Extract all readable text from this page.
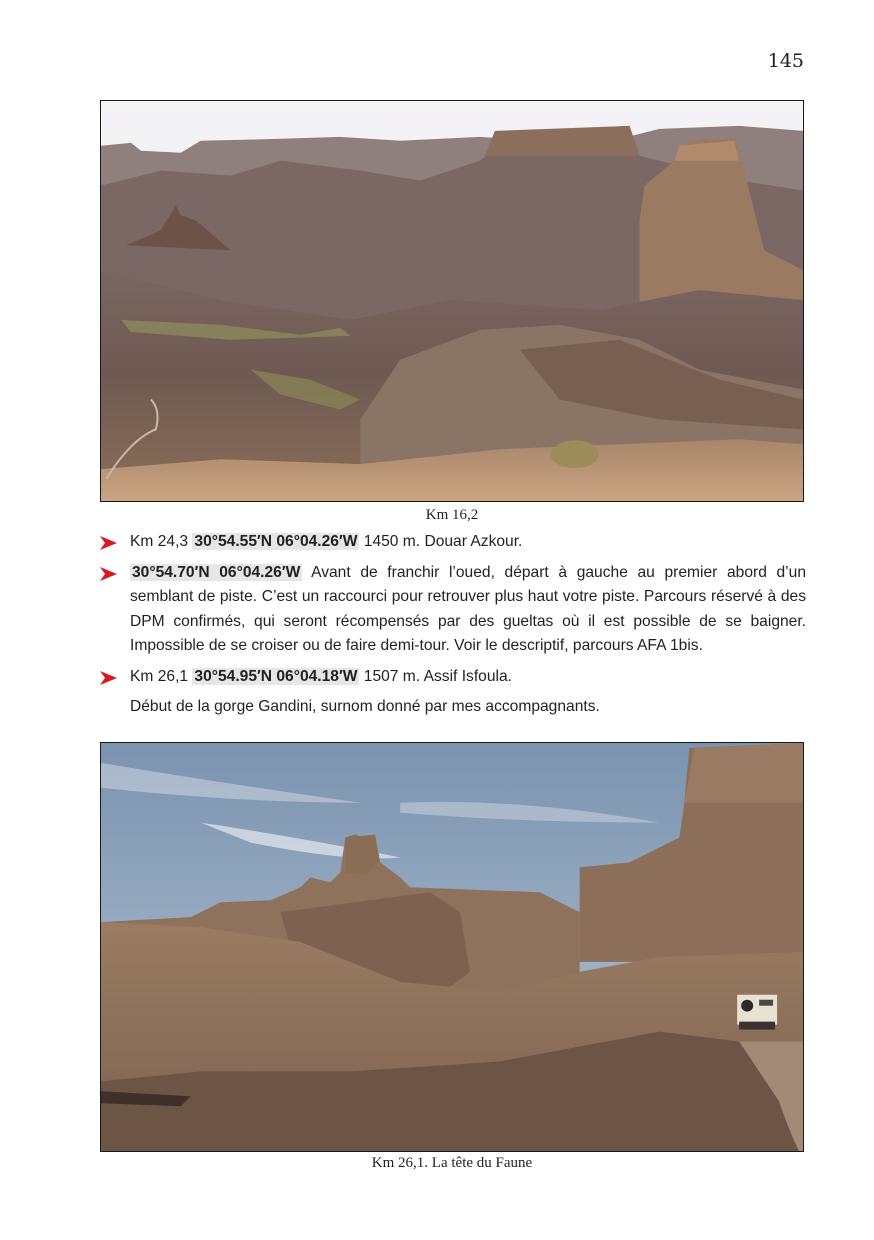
145
Km 16,2
Km 24,3 30°54.55′N 06°04.26′W 1450 m. Douar Azkour.
30°54.70′N 06°04.26′W Avant de franchir l’oued, départ à gauche au premier abord d’un semblant de piste. C’est un raccourci pour retrouver plus haut votre piste. Parcours réservé à des DPM confirmés, qui seront récompensés par des gueltas où il est possible de se baigner. Impossible de se croiser ou de faire demi-tour. Voir le descriptif, parcours AFA 1bis.
Km 26,1 30°54.95′N 06°04.18′W 1507 m. Assif Isfoula.
Début de la gorge Gandini, surnom donné par mes accompagnants.
Km 26,1. La tête du Faune
